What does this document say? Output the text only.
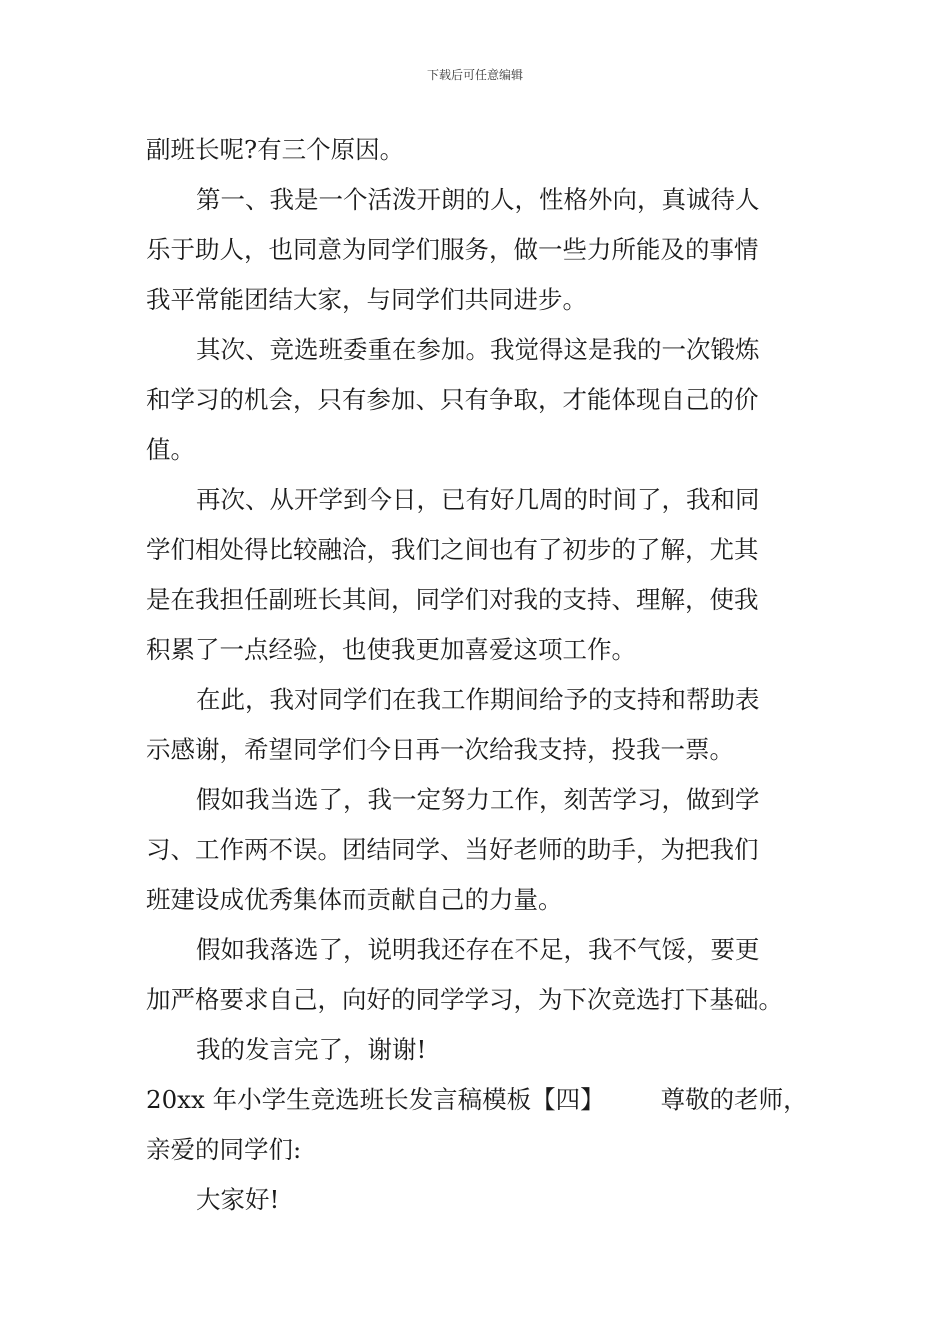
下载后可任意编辑
副班长呢?有三个原因。
第一、我是一个活泼开朗的人，性格外向，真诚待人
乐于助人，也同意为同学们服务，做一些力所能及的事情
我平常能团结大家，与同学们共同进步。
其次、竞选班委重在参加。我觉得这是我的一次锻炼
和学习的机会，只有参加、只有争取，才能体现自己的价
值。
再次、从开学到今日，已有好几周的时间了，我和同
学们相处得比较融洽，我们之间也有了初步的了解，尤其
是在我担任副班长其间，同学们对我的支持、理解，使我
积累了一点经验，也使我更加喜爱这项工作。
在此，我对同学们在我工作期间给予的支持和帮助表
示感谢，希望同学们今日再一次给我支持，投我一票。
假如我当选了，我一定努力工作，刻苦学习，做到学
习、工作两不误。团结同学、当好老师的助手，为把我们
班建设成优秀集体而贡献自己的力量。
假如我落选了，说明我还存在不足，我不气馁，要更
加严格要求自己，向好的同学学习，为下次竞选打下基础。
我的发言完了，谢谢!
20xx 年小学生竞选班长发言稿模板【四】 尊敬的老师，
亲爱的同学们:
大家好!
